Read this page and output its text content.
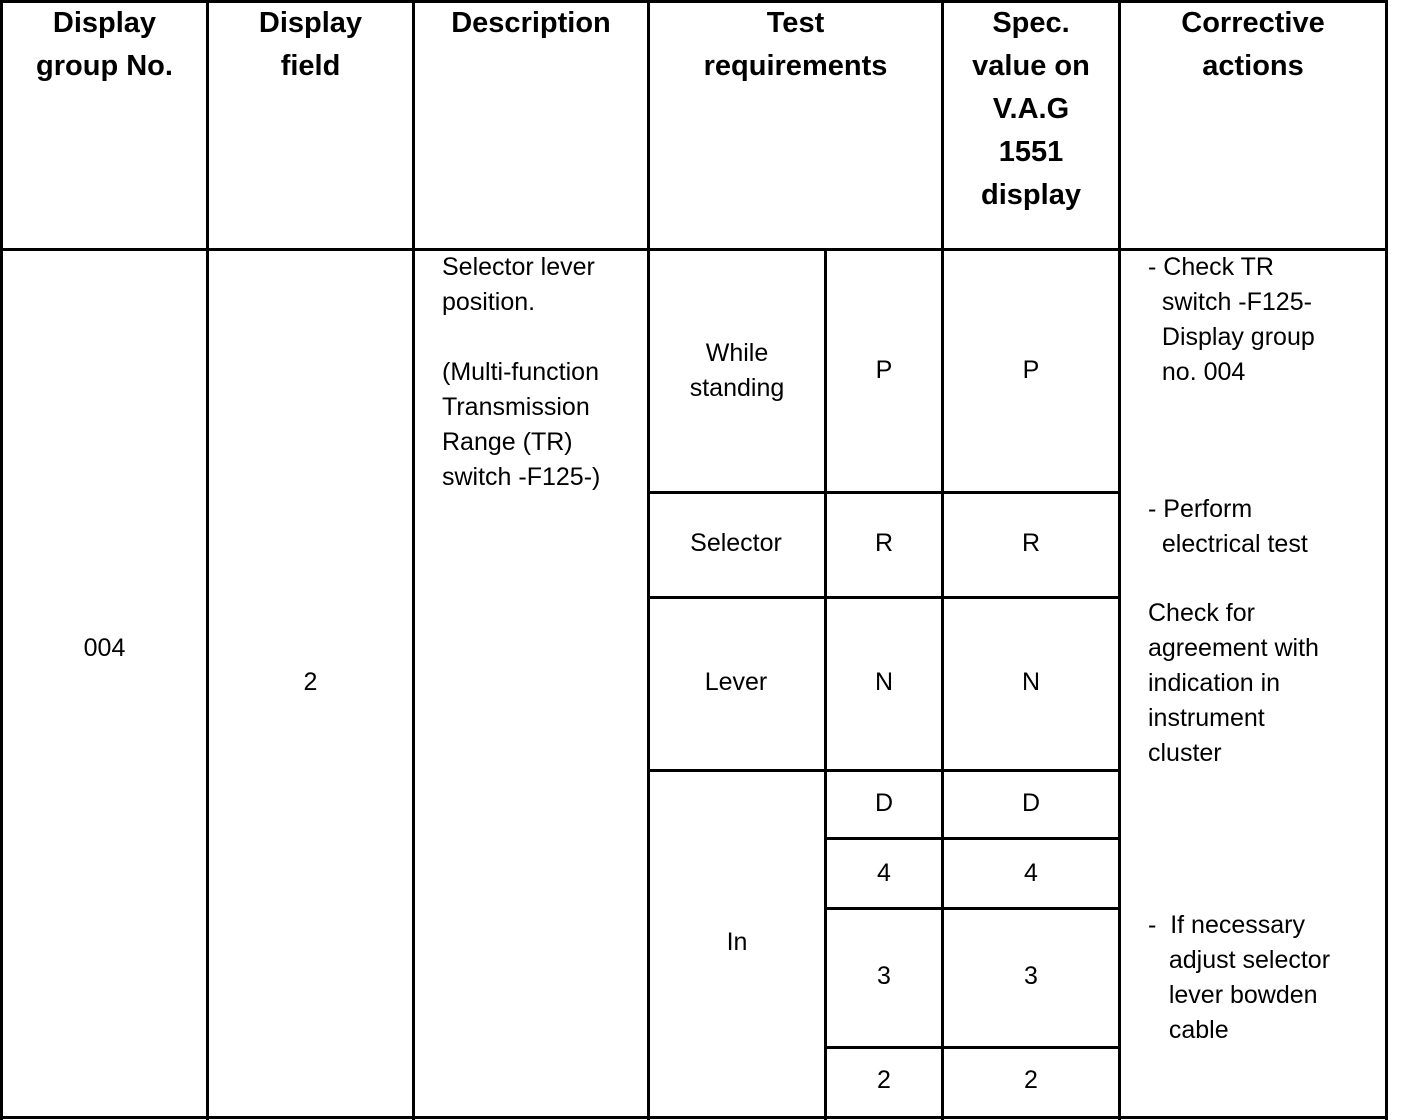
Display
group No.
Display
field
Description	Test
requirements
Spec.
value on
V.A.G
1551
display
Corrective
actions
004
2
Selector lever
position.

(Multi-function
Transmission
Range (TR)
switch -F125-)
While
standing
Selector
Lever
In
P
R
N
D
4
3
2
P
R
N
D
4
3
2
- Check TR
switch -F125-
Display group
no. 004
- Perform
electrical test
Check for
agreement with
indication in
instrument
cluster
-  If necessary
adjust selector
lever bowden
cable
